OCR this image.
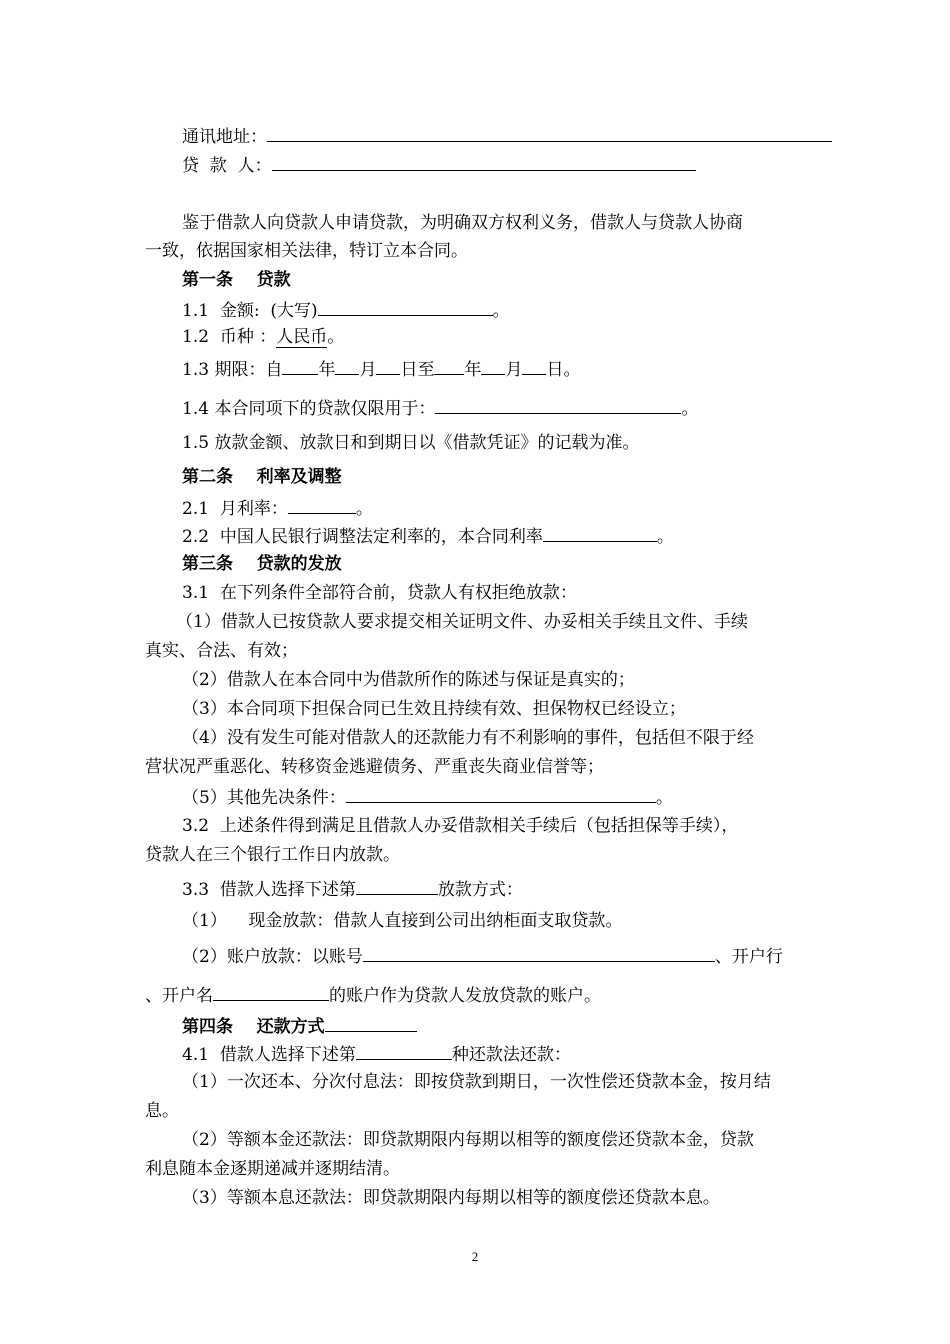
通讯地址：
贷  款  人：
鉴于借款人向贷款人申请贷款，为明确双方权利义务，借款人与贷款人协商
一致，依据国家相关法律，特订立本合同。
第一条    贷款
1.1  金额:  (大写)	。
1.2  币种 ：人民币。
1.3 期限：自 年 月 日至 年 月 日。
1.4 本合同项下的贷款仅限用于：	。
1.5 放款金额、放款日和到期日以《借款凭证》的记载为准。
第二条    利率及调整
2.1  月利率：	。
2.2  中国人民银行调整法定利率的，本合同利率	。
第三条    贷款的发放
3.1  在下列条件全部符合前，贷款人有权拒绝放款：
（1）借款人已按贷款人要求提交相关证明文件、办妥相关手续且文件、手续
真实、合法、有效；
（2）借款人在本合同中为借款所作的陈述与保证是真实的；
（3）本合同项下担保合同已生效且持续有效、担保物权已经设立；
（4）没有发生可能对借款人的还款能力有不利影响的事件，包括但不限于经
营状况严重恶化、转移资金逃避债务、严重丧失商业信誉等；
（5）其他先决条件：	。
3.2  上述条件得到满足且借款人办妥借款相关手续后（包括担保等手续），
贷款人在三个银行工作日内放款。
3.3  借款人选择下述第	放款方式：
（1）    现金放款：借款人直接到公司出纳柜面支取贷款。
（2）账户放款：以账号	、开户行
、开户名	的账户作为贷款人发放贷款的账户。
第四条    还款方式
4.1  借款人选择下述第	种还款法还款：
（1）一次还本、分次付息法：即按贷款到期日，一次性偿还贷款本金，按月结
息。
（2）等额本金还款法：即贷款期限内每期以相等的额度偿还贷款本金，贷款
利息随本金逐期递减并逐期结清。
（3）等额本息还款法：即贷款期限内每期以相等的额度偿还贷款本息。
2
